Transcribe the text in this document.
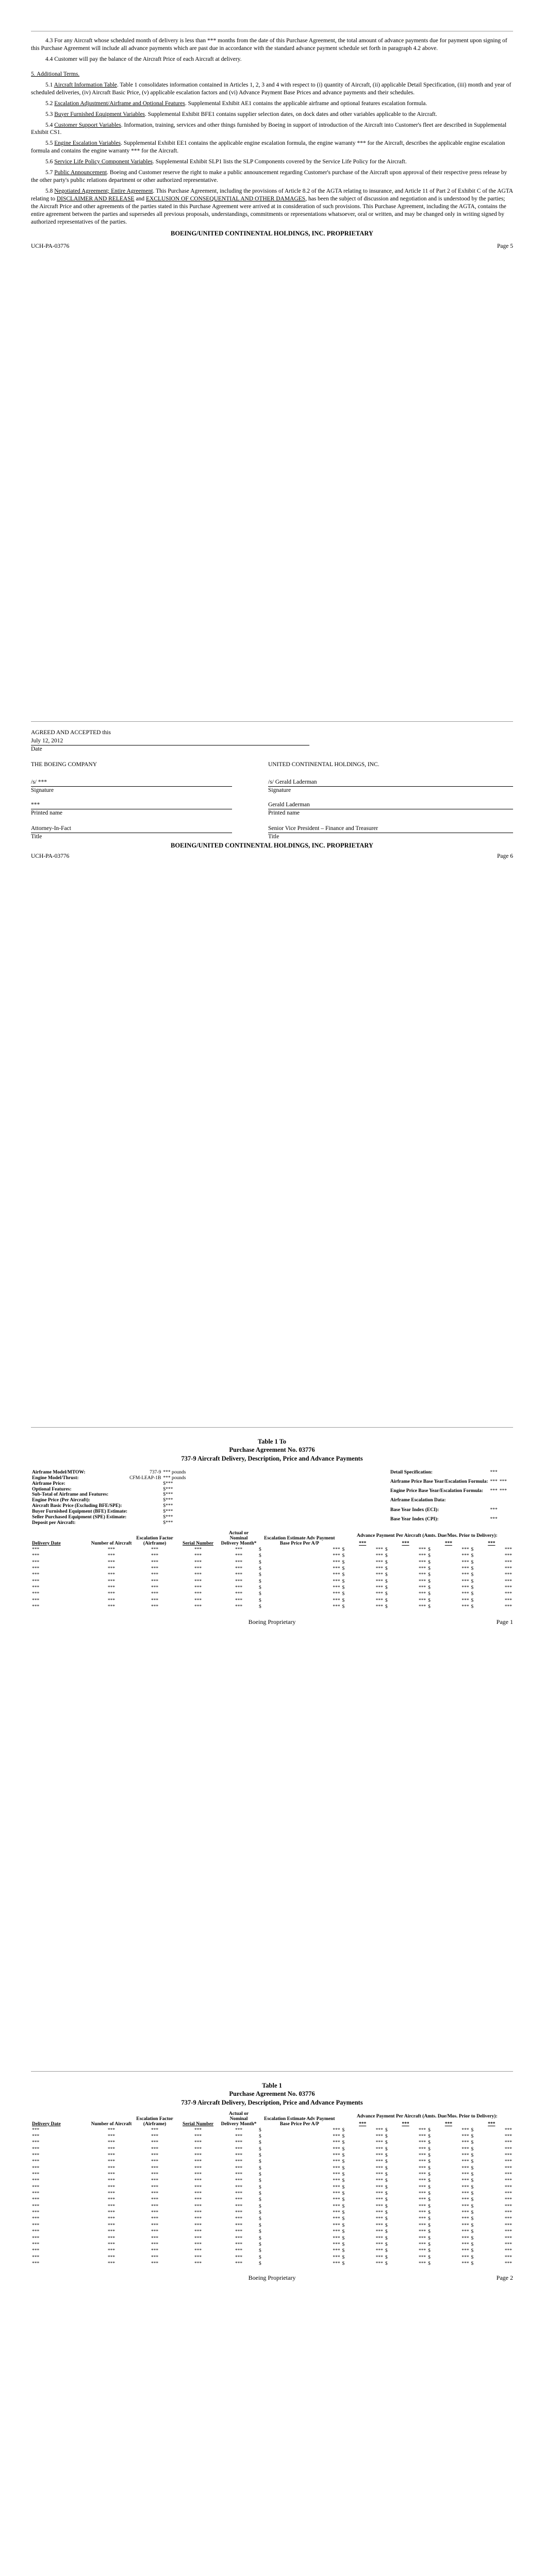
4.3 For any Aircraft whose scheduled month of delivery is less than *** months from the date of this Purchase Agreement, the total amount of advance payments due for payment upon signing of this Purchase Agreement will include all advance payments which are past due in accordance with the standard advance payment schedule set forth in paragraph 4.2 above.

4.4 Customer will pay the balance of the Aircraft Price of each Aircraft at delivery.

5. Additional Terms.

5.1 Aircraft Information Table. Table 1 consolidates information contained in Articles 1, 2, 3 and 4 with respect to (i) quantity of Aircraft, (ii) applicable Detail Specification, (iii) month and year of scheduled deliveries, (iv) Aircraft Basic Price, (v) applicable escalation factors and (vi) Advance Payment Base Prices and advance payments and their schedules.

5.2 Escalation Adjustment/Airframe and Optional Features. Supplemental Exhibit AE1 contains the applicable airframe and optional features escalation formula.

5.3 Buyer Furnished Equipment Variables. Supplemental Exhibit BFE1 contains supplier selection dates, on dock dates and other variables applicable to the Aircraft.

5.4 Customer Support Variables. Information, training, services and other things furnished by Boeing in support of introduction of the Aircraft into Customer's fleet are described in Supplemental Exhibit CS1.

5.5 Engine Escalation Variables. Supplemental Exhibit EE1 contains the applicable engine escalation formula, the engine warranty *** for the Aircraft, describes the applicable engine escalation formula and contains the engine warranty *** for the Aircraft.

5.6 Service Life Policy Component Variables. Supplemental Exhibit SLP1 lists the SLP Components covered by the Service Life Policy for the Aircraft.

5.7 Public Announcement. Boeing and Customer reserve the right to make a public announcement regarding Customer's purchase of the Aircraft upon approval of their respective press release by the other party's public relations department or other authorized representative.

5.8 Negotiated Agreement; Entire Agreement. This Purchase Agreement, including the provisions of Article 8.2 of the AGTA relating to insurance, and Article 11 of Part 2 of Exhibit C of the AGTA relating to DISCLAIMER AND RELEASE and EXCLUSION OF CONSEQUENTIAL AND OTHER DAMAGES, has been the subject of discussion and negotiation and is understood by the parties; the Aircraft Price and other agreements of the parties stated in this Purchase Agreement were arrived at in consideration of such provisions. This Purchase Agreement, including the AGTA, contains the entire agreement between the parties and supersedes all previous proposals, understandings, commitments or representations whatsoever, oral or written, and may be changed only in writing signed by authorized representatives of the parties.

BOEING/UNITED CONTINENTAL HOLDINGS, INC. PROPRIETARY
UCH-PA-03776	Page 5
AGREED AND ACCEPTED this
July 12, 2012
Date
THE BOEING COMPANY	UNITED CONTINENTAL HOLDINGS, INC.
/s/ ***
Signature
/s/ Gerald Laderman
Signature
***
Printed name
Gerald Laderman
Printed name
Attorney-In-Fact
Title
Senior Vice President – Finance and Treasurer
Title
BOEING/UNITED CONTINENTAL HOLDINGS, INC. PROPRIETARY
UCH-PA-03776	Page 6
Table 1 To
Purchase Agreement No. 03776
737-9 Aircraft Delivery, Description, Price and Advance Payments
Airframe Model/MTOW:	737-9	*** pounds
Engine Model/Thrust:	CFM-LEAP-1B	*** pounds
Airframe Price:		$***
Optional Features:		$***
Sub-Total of Airframe and Features:		$***
Engine Price (Per Aircraft):		$***
Aircraft Basic Price (Excluding BFE/SPE):		$***
Buyer Furnished Equipment (BFE) Estimate:		$***
Seller Purchased Equipment (SPE) Estimate:		$***
Deposit per Aircraft:		$***
Detail Specification:	***	
Airframe Price Base Year/Escalation Formula:	***	***
Engine Price Base Year/Escalation Formula:	***	***

Airframe Escalation Data:		
Base Year Index (ECI):	***	
Base Year Index (CPI):	***	
Delivery Date	Number of Aircraft	Escalation Factor (Airframe)	Serial Number	Actual or Nominal Delivery Month*	Escalation Estimate Adv Payment Base Price Per A/P		Advance Payment Per Aircraft (Amts. Due/Mos. Prior to Delivery):							
							***		***		***		***	
***	***	***	***	***	$	***	$	***	$	***	$	***	$	***
***	***	***	***	***	$	***	$	***	$	***	$	***	$	***
***	***	***	***	***	$	***	$	***	$	***	$	***	$	***
***	***	***	***	***	$	***	$	***	$	***	$	***	$	***
***	***	***	***	***	$	***	$	***	$	***	$	***	$	***
***	***	***	***	***	$	***	$	***	$	***	$	***	$	***
***	***	***	***	***	$	***	$	***	$	***	$	***	$	***
***	***	***	***	***	$	***	$	***	$	***	$	***	$	***
***	***	***	***	***	$	***	$	***	$	***	$	***	$	***
***	***	***	***	***	$	***	$	***	$	***	$	***	$	***
Boeing Proprietary	Page 1
Table 1
Purchase Agreement No. 03776
737-9 Aircraft Delivery, Description, Price and Advance Payments
Delivery Date	Number of Aircraft	Escalation Factor (Airframe)	Serial Number	Actual or Nominal Delivery Month*	Escalation Estimate Adv Payment Base Price Per A/P		Advance Payment Per Aircraft (Amts. Due/Mos. Prior to Delivery):							
							***		***		***		***	
***	***	***	***	***	$	***	$	***	$	***	$	***	$	***
***	***	***	***	***	$	***	$	***	$	***	$	***	$	***
***	***	***	***	***	$	***	$	***	$	***	$	***	$	***
***	***	***	***	***	$	***	$	***	$	***	$	***	$	***
***	***	***	***	***	$	***	$	***	$	***	$	***	$	***
***	***	***	***	***	$	***	$	***	$	***	$	***	$	***
***	***	***	***	***	$	***	$	***	$	***	$	***	$	***
***	***	***	***	***	$	***	$	***	$	***	$	***	$	***
***	***	***	***	***	$	***	$	***	$	***	$	***	$	***
***	***	***	***	***	$	***	$	***	$	***	$	***	$	***
***	***	***	***	***	$	***	$	***	$	***	$	***	$	***
***	***	***	***	***	$	***	$	***	$	***	$	***	$	***
***	***	***	***	***	$	***	$	***	$	***	$	***	$	***
***	***	***	***	***	$	***	$	***	$	***	$	***	$	***
***	***	***	***	***	$	***	$	***	$	***	$	***	$	***
***	***	***	***	***	$	***	$	***	$	***	$	***	$	***
***	***	***	***	***	$	***	$	***	$	***	$	***	$	***
***	***	***	***	***	$	***	$	***	$	***	$	***	$	***
***	***	***	***	***	$	***	$	***	$	***	$	***	$	***
***	***	***	***	***	$	***	$	***	$	***	$	***	$	***
***	***	***	***	***	$	***	$	***	$	***	$	***	$	***
***	***	***	***	***	$	***	$	***	$	***	$	***	$	***
Boeing Proprietary	Page 2
